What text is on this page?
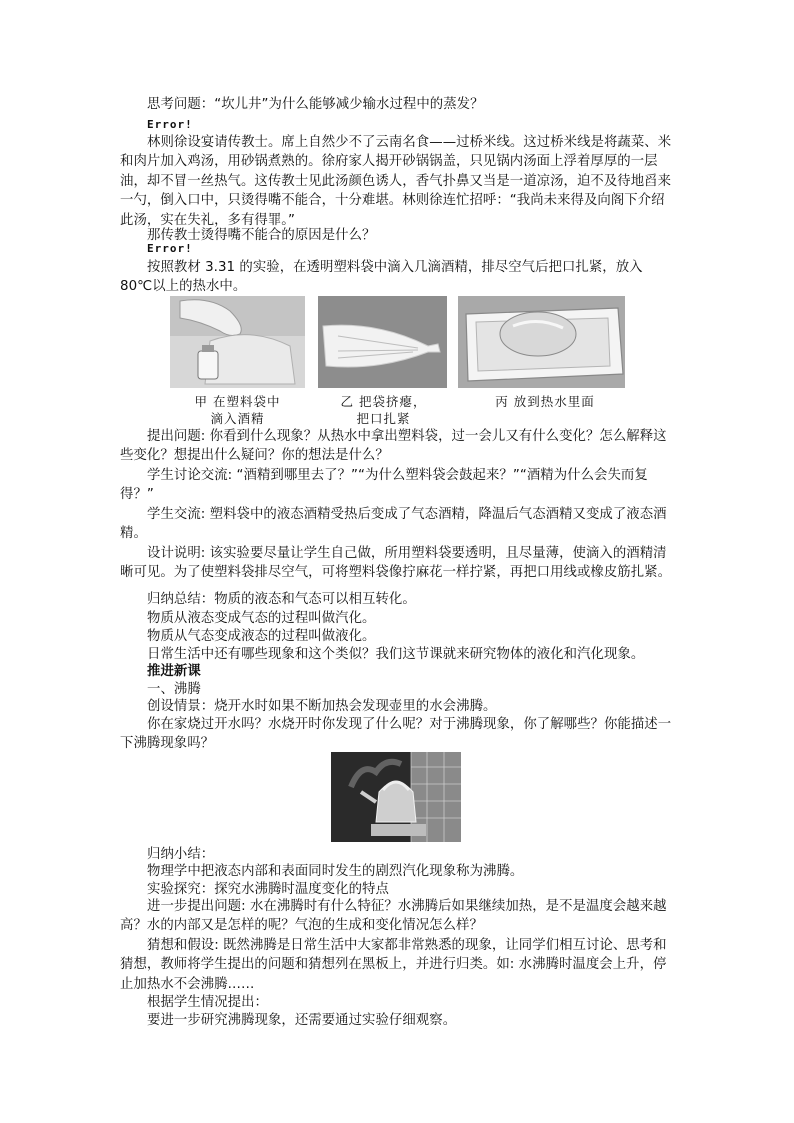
思考问题：“坎儿井”为什么能够减少输水过程中的蒸发？
Error!
林则徐设宴请传教士。席上自然少不了云南名食——过桥米线。这过桥米线是将蔬菜、米和肉片加入鸡汤，用砂锅煮熟的。徐府家人揭开砂锅锅盖，只见锅内汤面上浮着厚厚的一层油，却不冒一丝热气。这传教士见此汤颜色诱人，香气扑鼻又当是一道凉汤，迫不及待地舀来一勺，倒入口中，只烫得嘴不能合，十分难堪。林则徐连忙招呼：“我尚未来得及向阁下介绍此汤，实在失礼，多有得罪。”
那传教士烫得嘴不能合的原因是什么？
Error!
按照教材 3.31 的实验，在透明塑料袋中滴入几滴酒精，排尽空气后把口扎紧，放入 80℃以上的热水中。
甲 在塑料袋中
滴入酒精
乙 把袋挤瘪，
把口扎紧
丙 放到热水里面
提出问题: 你看到什么现象？从热水中拿出塑料袋，过一会儿又有什么变化？怎么解释这些变化？想提出什么疑问？你的想法是什么？
学生讨论交流: “酒精到哪里去了？”“为什么塑料袋会鼓起来？”“酒精为什么会失而复得？”
学生交流: 塑料袋中的液态酒精受热后变成了气态酒精，降温后气态酒精又变成了液态酒精。
设计说明: 该实验要尽量让学生自己做，所用塑料袋要透明，且尽量薄，使滴入的酒精清晰可见。为了使塑料袋排尽空气，可将塑料袋像拧麻花一样拧紧，再把口用线或橡皮筋扎紧。
归纳总结：物质的液态和气态可以相互转化。
物质从液态变成气态的过程叫做汽化。
物质从气态变成液态的过程叫做液化。
日常生活中还有哪些现象和这个类似？我们这节课就来研究物体的液化和汽化现象。
推进新课
一、沸腾
创设情景：烧开水时如果不断加热会发现壶里的水会沸腾。
你在家烧过开水吗？水烧开时你发现了什么呢？对于沸腾现象，你了解哪些？你能描述一下沸腾现象吗？
归纳小结：
物理学中把液态内部和表面同时发生的剧烈汽化现象称为沸腾。
实验探究：探究水沸腾时温度变化的特点
进一步提出问题: 水在沸腾时有什么特征？水沸腾后如果继续加热，是不是温度会越来越高？水的内部又是怎样的呢？气泡的生成和变化情况怎么样？
猜想和假设: 既然沸腾是日常生活中大家都非常熟悉的现象，让同学们相互讨论、思考和猜想，教师将学生提出的问题和猜想列在黑板上，并进行归类。如: 水沸腾时温度会上升，停止加热水不会沸腾……
根据学生情况提出：
要进一步研究沸腾现象，还需要通过实验仔细观察。
